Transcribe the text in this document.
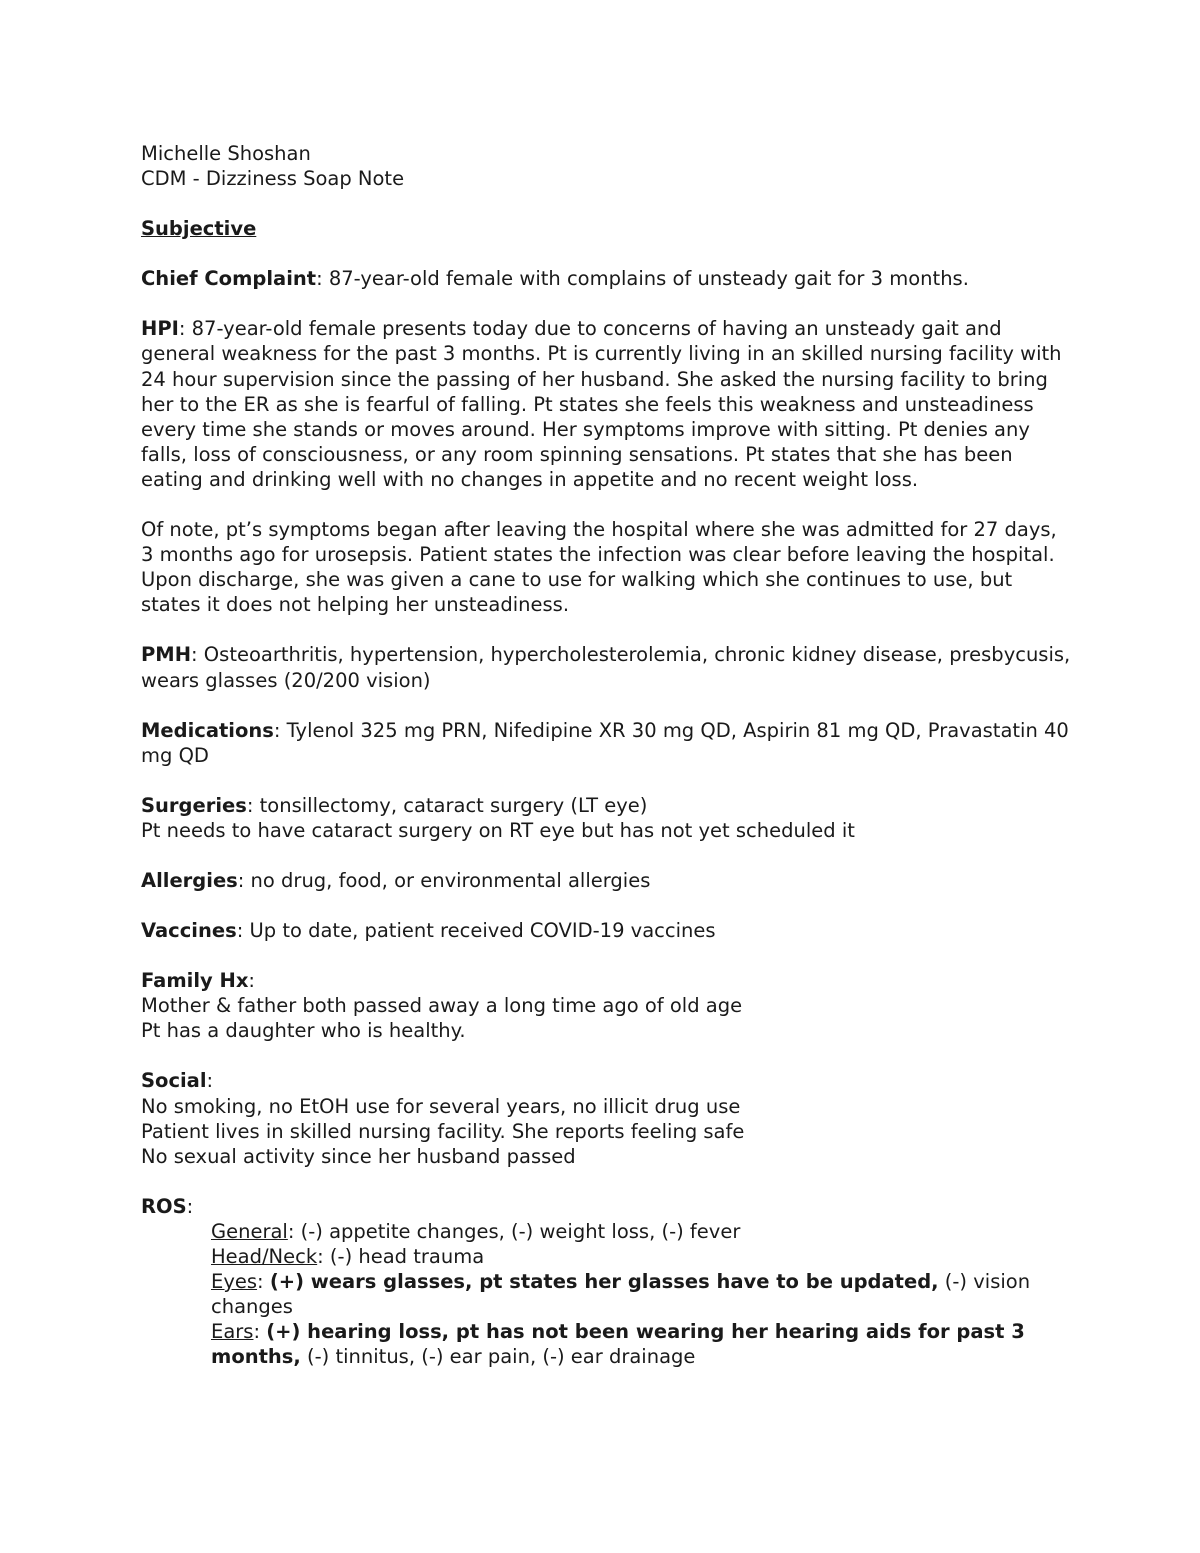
Michelle Shoshan

CDM - Dizziness Soap Note

Subjective

Chief Complaint: 87-year-old female with complains of unsteady gait for 3 months.

HPI: 87-year-old female presents today due to concerns of having an unsteady gait and general weakness for the past 3 months. Pt is currently living in an skilled nursing facility with 24 hour supervision since the passing of her husband. She asked the nursing facility to bring her to the ER as she is fearful of falling. Pt states she feels this weakness and unsteadiness every time she stands or moves around. Her symptoms improve with sitting. Pt denies any falls, loss of consciousness, or any room spinning sensations. Pt states that she has been eating and drinking well with no changes in appetite and no recent weight loss.

Of note, pt’s symptoms began after leaving the hospital where she was admitted for 27 days, 3 months ago for urosepsis. Patient states the infection was clear before leaving the hospital. Upon discharge, she was given a cane to use for walking which she continues to use, but states it does not helping her unsteadiness.

PMH: Osteoarthritis, hypertension, hypercholesterolemia, chronic kidney disease, presbycusis, wears glasses (20/200 vision)

Medications: Tylenol 325 mg PRN, Nifedipine XR 30 mg QD, Aspirin 81 mg QD, Pravastatin 40 mg QD

Surgeries: tonsillectomy, cataract surgery (LT eye)

Pt needs to have cataract surgery on RT eye but has not yet scheduled it

Allergies: no drug, food, or environmental allergies

Vaccines: Up to date, patient received COVID-19 vaccines

Family Hx:

Mother & father both passed away a long time ago of old age

Pt has a daughter who is healthy.

Social:

No smoking, no EtOH use for several years, no illicit drug use

Patient lives in skilled nursing facility. She reports feeling safe

No sexual activity since her husband passed

ROS:

General: (-) appetite changes, (-) weight loss, (-) fever

Head/Neck: (-) head trauma

Eyes: (+) wears glasses, pt states her glasses have to be updated, (-) vision changes

Ears: (+) hearing loss, pt has not been wearing her hearing aids for past 3 months, (-) tinnitus, (-) ear pain, (-) ear drainage
